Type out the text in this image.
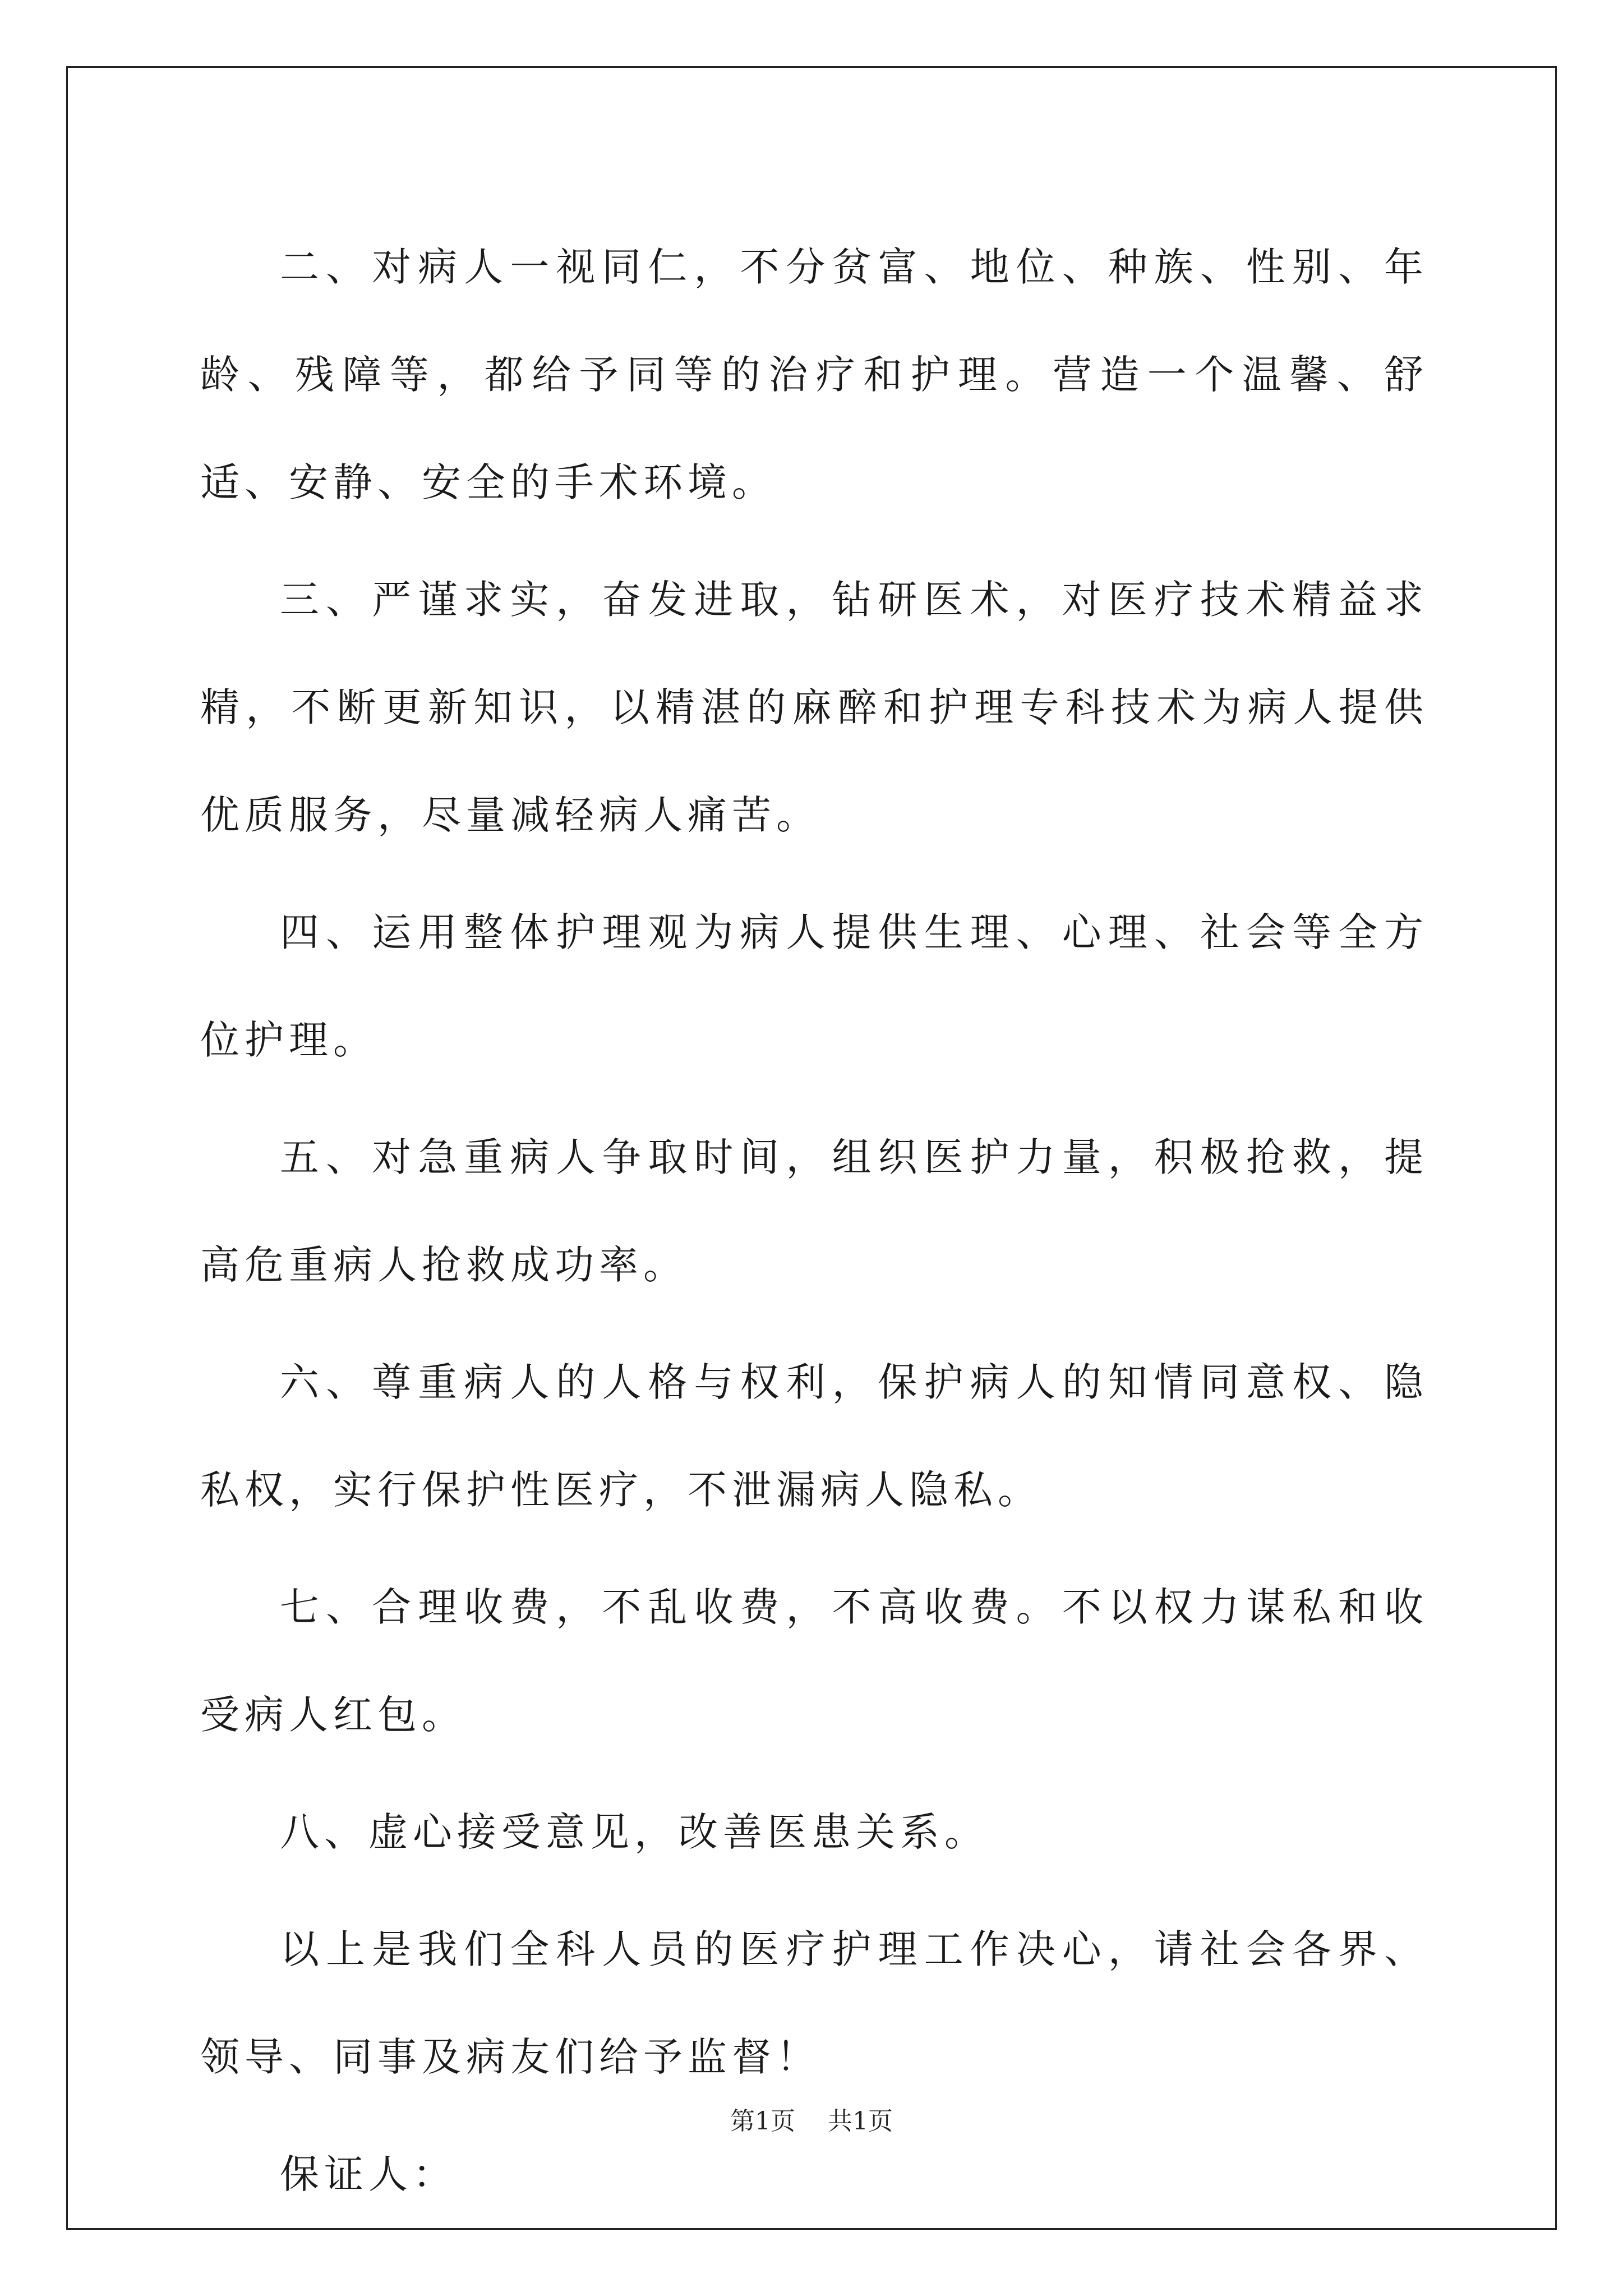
二、对病人一视同仁，不分贫富、地位、种族、性别、年龄、残障等，都给予同等的治疗和护理。营造一个温馨、舒适、安静、安全的手术环境。

三、严谨求实，奋发进取，钻研医术，对医疗技术精益求精，不断更新知识，以精湛的麻醉和护理专科技术为病人提供优质服务，尽量减轻病人痛苦。

四、运用整体护理观为病人提供生理、心理、社会等全方位护理。

五、对急重病人争取时间，组织医护力量，积极抢救，提高危重病人抢救成功率。

六、尊重病人的人格与权利，保护病人的知情同意权、隐私权，实行保护性医疗，不泄漏病人隐私。

七、合理收费，不乱收费，不高收费。不以权力谋私和收受病人红包。

八、虚心接受意见，改善医患关系。

以上是我们全科人员的医疗护理工作决心，请社会各界、领导、同事及病友们给予监督！

保证人：

第1页 共1页
